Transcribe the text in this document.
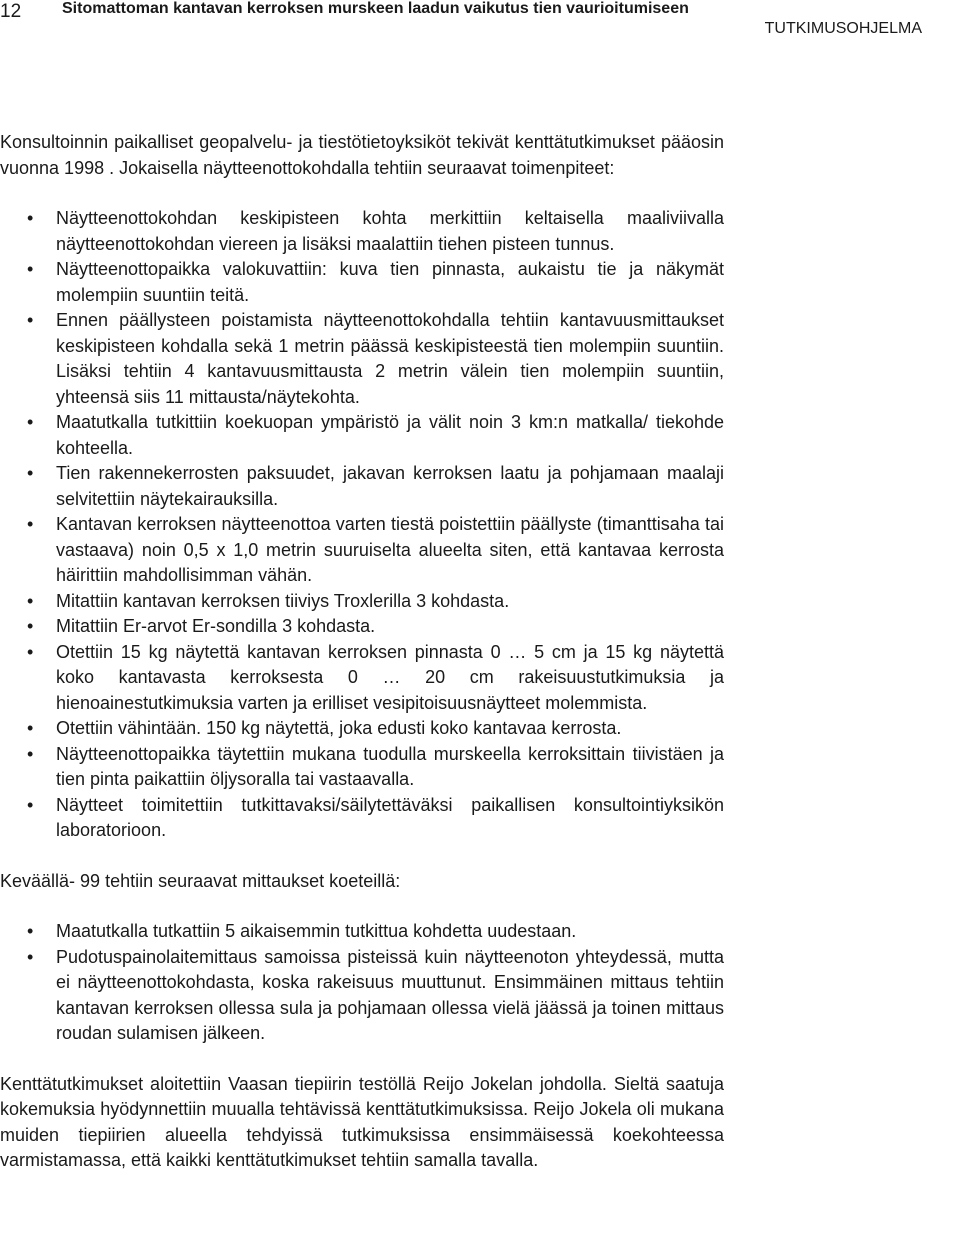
12	Sitomattoman kantavan kerroksen murskeen laadun vaikutus tien vaurioitumiseen
TUTKIMUSOHJELMA

Konsultoinnin paikalliset geopalvelu- ja tiestötietoyksiköt tekivät kenttätutkimukset pääosin vuonna 1998 . Jokaisella näytteenottokohdalla tehtiin seuraavat toimenpiteet:

• Näytteenottokohdan keskipisteen kohta merkittiin keltaisella maaliviivalla näytteenottokohdan viereen ja lisäksi maalattiin tiehen pisteen tunnus.
• Näytteenottopaikka valokuvattiin: kuva tien pinnasta, aukaistu tie ja näkymät molempiin suuntiin teitä.
• Ennen päällysteen poistamista näytteenottokohdalla tehtiin kantavuusmittaukset keskipisteen kohdalla sekä 1 metrin päässä keskipisteestä tien molempiin suuntiin. Lisäksi tehtiin 4 kantavuusmittausta 2 metrin välein tien molempiin suuntiin, yhteensä siis 11 mittausta/näytekohta.
• Maatutkalla tutkittiin koekuopan ympäristö ja välit noin 3 km:n matkalla/ tiekohde kohteella.
• Tien rakennekerrosten paksuudet, jakavan kerroksen laatu ja pohjamaan maalaji selvitettiin näytekairauksilla.
• Kantavan kerroksen näytteenottoa varten tiestä poistettiin päällyste (timanttisaha tai vastaava) noin 0,5 x 1,0 metrin suuruiselta alueelta siten, että kantavaa kerrosta häirittiin mahdollisimman vähän.
• Mitattiin kantavan kerroksen tiiviys Troxlerilla 3 kohdasta.
• Mitattiin Er-arvot Er-sondilla 3 kohdasta.
• Otettiin 15 kg näytettä kantavan kerroksen pinnasta 0 … 5 cm ja 15 kg näytettä koko kantavasta kerroksesta 0 … 20 cm rakeisuustutkimuksia ja hienoainestutkimuksia varten ja erilliset vesipitoisuusnäytteet molemmista.
• Otettiin vähintään. 150 kg näytettä, joka edusti koko kantavaa kerrosta.
• Näytteenottopaikka täytettiin mukana tuodulla murskeella kerroksittain tiivistäen ja tien pinta paikattiin öljysoralla tai vastaavalla.
• Näytteet toimitettiin tutkittavaksi/säilytettäväksi paikallisen konsultointiyksikön laboratorioon.

Keväällä- 99 tehtiin seuraavat mittaukset koeteillä:

• Maatutkalla tutkattiin 5 aikaisemmin tutkittua kohdetta uudestaan.
• Pudotuspainolaitemittaus samoissa pisteissä kuin näytteenoton yhteydessä, mutta ei näytteenottokohdasta, koska rakeisuus muuttunut. Ensimmäinen mittaus tehtiin kantavan kerroksen ollessa sula ja pohjamaan ollessa vielä jäässä ja toinen mittaus roudan sulamisen jälkeen.

Kenttätutkimukset aloitettiin Vaasan tiepiirin testöllä Reijo Jokelan johdolla. Sieltä saatuja kokemuksia hyödynnettiin muualla tehtävissä kenttätutkimuksissa. Reijo Jokela oli mukana muiden tiepiirien alueella tehdyissä tutkimuksissa ensimmäisessä koekohteessa varmistamassa, että kaikki kenttätutkimukset tehtiin samalla tavalla.
